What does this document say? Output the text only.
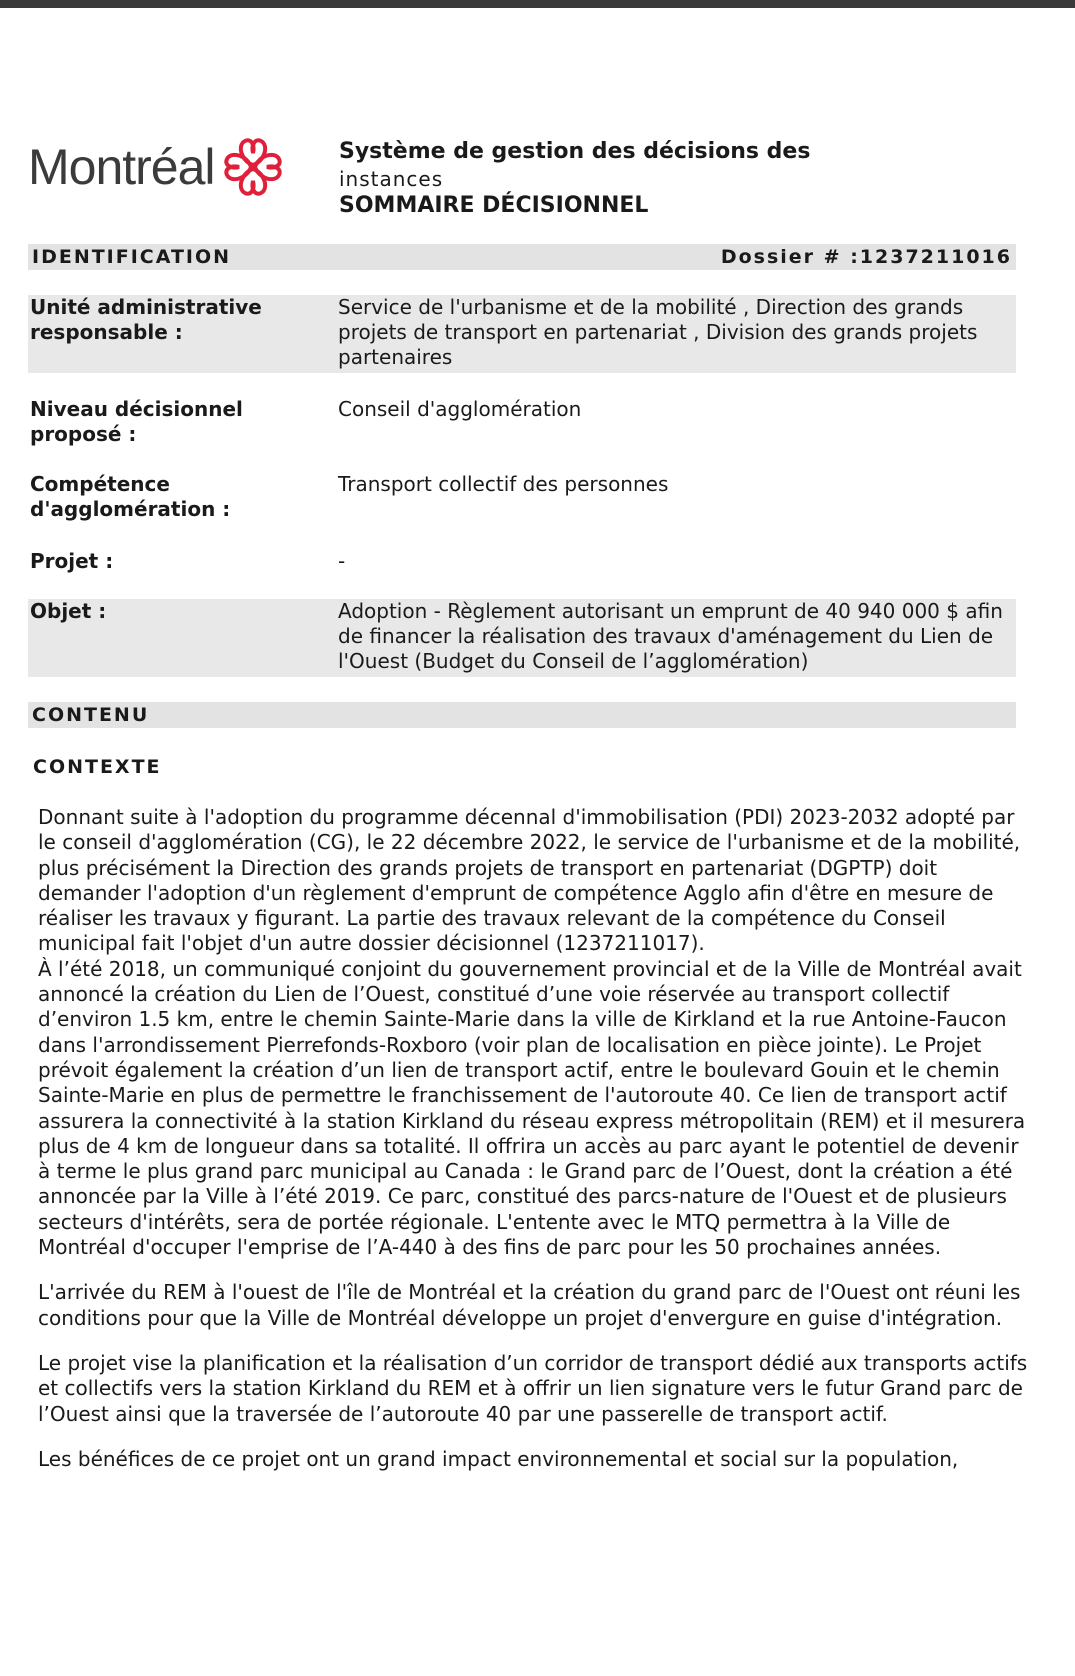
Montréal	Système de gestion des décisions des
instances
SOMMAIRE DÉCISIONNEL
IDENTIFICATION	Dossier # :1237211016
Unité administrative responsable :
Service de l'urbanisme et de la mobilité , Direction des grands projets de transport en partenariat , Division des grands projets partenaires
Niveau décisionnel proposé :
Conseil d'agglomération
Compétence d'agglomération :
Transport collectif des personnes
Projet :	-
Objet :	Adoption - Règlement autorisant un emprunt de 40 940 000 $ afin de financer la réalisation des travaux d'aménagement du Lien de l'Ouest (Budget du Conseil de l’agglomération)
CONTENU
CONTEXTE

Donnant suite à l'adoption du programme décennal d'immobilisation (PDI) 2023-2032 adopté par le conseil d'agglomération (CG), le 22 décembre 2022, le service de l'urbanisme et de la mobilité, plus précisément la Direction des grands projets de transport en partenariat (DGPTP) doit demander l'adoption d'un règlement d'emprunt de compétence Agglo afin d'être en mesure de réaliser les travaux y figurant. La partie des travaux relevant de la compétence du Conseil municipal fait l'objet d'un autre dossier décisionnel (1237211017).

À l’été 2018, un communiqué conjoint du gouvernement provincial et de la Ville de Montréal avait annoncé la création du Lien de l’Ouest, constitué d’une voie réservée au transport collectif d’environ 1.5 km, entre le chemin Sainte-Marie dans la ville de Kirkland et la rue Antoine-Faucon dans l'arrondissement Pierrefonds-Roxboro (voir plan de localisation en pièce jointe). Le Projet prévoit également la création d’un lien de transport actif, entre le boulevard Gouin et le chemin Sainte-Marie en plus de permettre le franchissement de l'autoroute 40. Ce lien de transport actif assurera la connectivité à la station Kirkland du réseau express métropolitain (REM) et il mesurera plus de 4 km de longueur dans sa totalité. Il offrira un accès au parc ayant le potentiel de devenir à terme le plus grand parc municipal au Canada : le Grand parc de l’Ouest, dont la création a été annoncée par la Ville à l’été 2019. Ce parc, constitué des parcs-nature de l'Ouest et de plusieurs secteurs d'intérêts, sera de portée régionale. L'entente avec le MTQ permettra à la Ville de Montréal d'occuper l'emprise de l’A-440 à des fins de parc pour les 50 prochaines années.

L'arrivée du REM à l'ouest de l'île de Montréal et la création du grand parc de l'Ouest ont réuni les conditions pour que la Ville de Montréal développe un projet d'envergure en guise d'intégration.

Le projet vise la planification et la réalisation d’un corridor de transport dédié aux transports actifs et collectifs vers la station Kirkland du REM et à offrir un lien signature vers le futur Grand parc de l’Ouest ainsi que la traversée de l’autoroute 40 par une passerelle de transport actif.

Les bénéfices de ce projet ont un grand impact environnemental et social sur la population,
